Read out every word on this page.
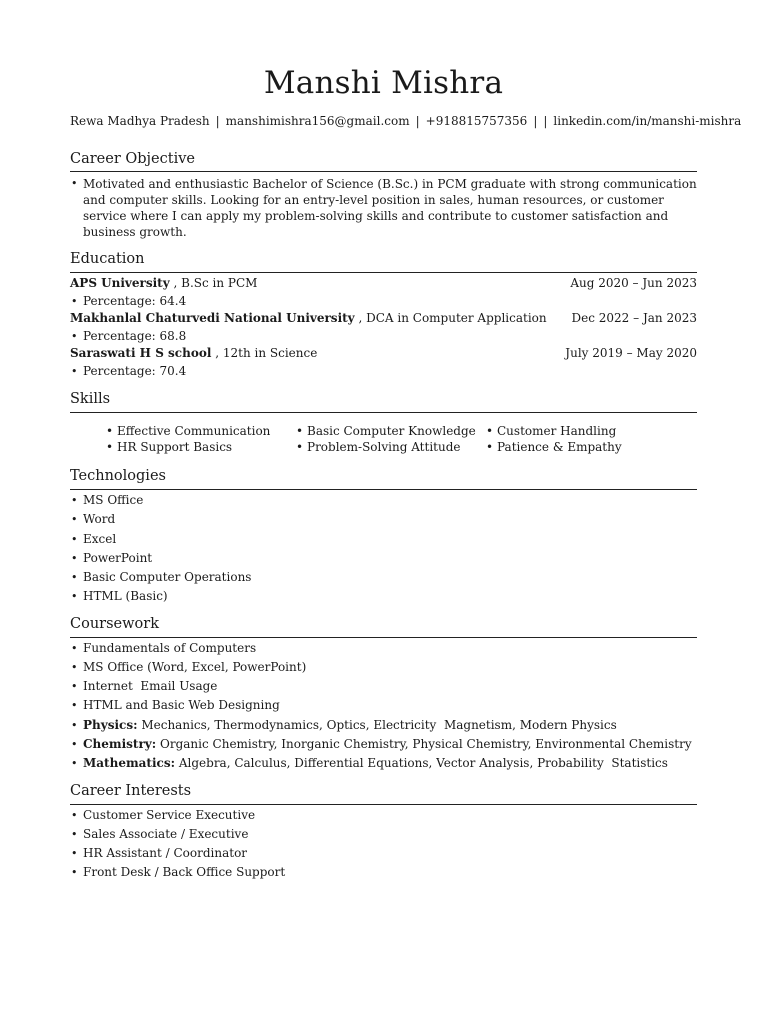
Manshi Mishra
Rewa Madhya Pradesh | manshimishra156@gmail.com | +918815757356 | | linkedin.com/in/manshi-mishra
Career Objective
• Motivated and enthusiastic Bachelor of Science (B.Sc.) in PCM graduate with strong communication and computer skills. Looking for an entry-level position in sales, human resources, or customer service where I can apply my problem-solving skills and contribute to customer satisfaction and business growth.
Education
APS University , B.Sc in PCM	Aug 2020 – Jun 2023
• Percentage: 64.4
Makhanlal Chaturvedi National University , DCA in Computer Application Dec 2022 – Jan 2023
• Percentage: 68.8
Saraswati H S school , 12th in Science	July 2019 – May 2020
• Percentage: 70.4
Skills
• Effective Communication	• Basic Computer Knowledge	• Customer Handling
• HR Support Basics	• Problem-Solving Attitude	• Patience & Empathy
Technologies
• MS Office
• Word
• Excel
• PowerPoint
• Basic Computer Operations
• HTML (Basic)
Coursework
• Fundamentals of Computers
• MS Office (Word, Excel, PowerPoint)
• Internet  Email Usage
• HTML and Basic Web Designing
• Physics: Mechanics, Thermodynamics, Optics, Electricity  Magnetism, Modern Physics
• Chemistry: Organic Chemistry, Inorganic Chemistry, Physical Chemistry, Environmental Chemistry
• Mathematics: Algebra, Calculus, Differential Equations, Vector Analysis, Probability  Statistics
Career Interests
• Customer Service Executive
• Sales Associate / Executive
• HR Assistant / Coordinator
• Front Desk / Back Office Support
